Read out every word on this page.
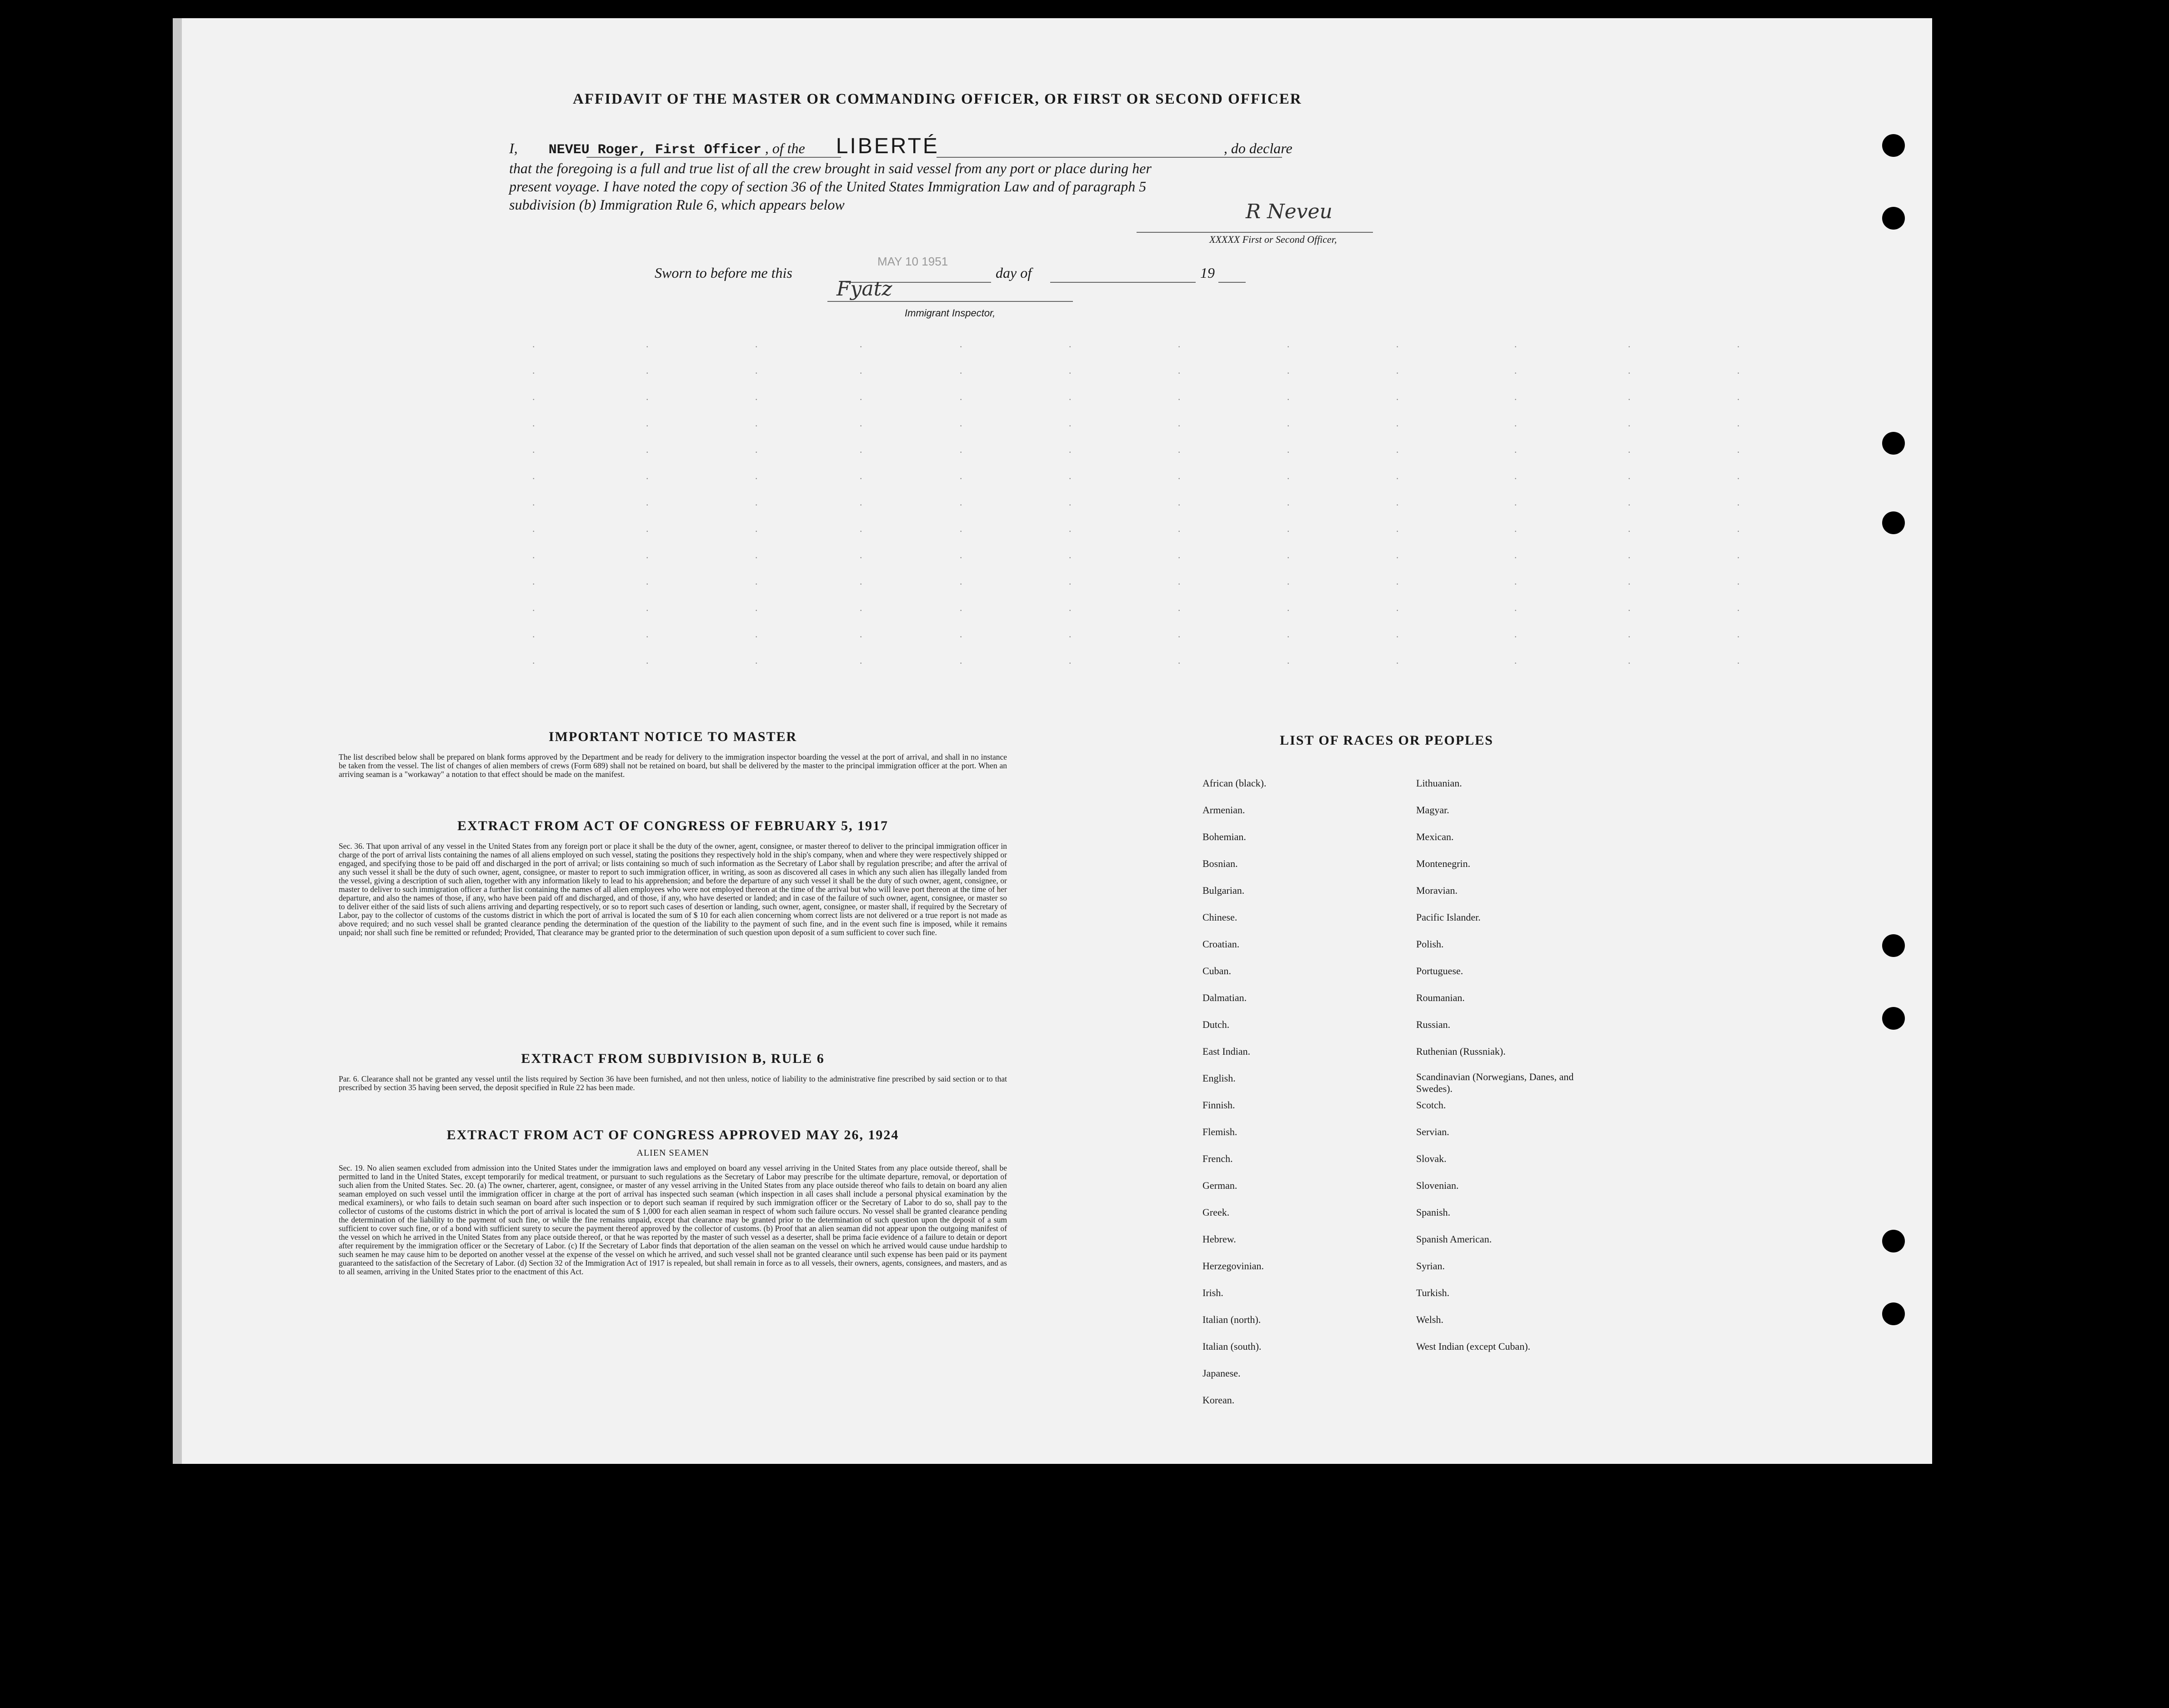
AFFIDAVIT OF THE MASTER OR COMMANDING OFFICER, OR FIRST OR SECOND OFFICER
I, NEVEU Roger, First Officer , of the LIBERTÉ	, do declare
that the foregoing is a full and true list of all the crew brought in said vessel from any port or place during her
present voyage. I have noted the copy of section 36 of the United States Immigration Law and of paragraph 5
subdivision (b) Immigration Rule 6, which appears below	R Neveu
XXXXX First or Second Officer,
Sworn to before me this
MAY 10 1951
day of	19
Fyatz
Immigrant Inspector,
·	·	·	·	·	·	·	·	·	·	·	·
·	·	·	·	·	·	·	·	·	·	·	·
·	·	·	·	·	·	·	·	·	·	·	·
·	·	·	·	·	·	·	·	·	·	·	·
·	·	·	·	·	·	·	·	·	·	·	·
·	·	·	·	·	·	·	·	·	·	·	·
·	·	·	·	·	·	·	·	·	·	·	·
·	·	·	·	·	·	·	·	·	·	·	·
·	·	·	·	·	·	·	·	·	·	·	·
·	·	·	·	·	·	·	·	·	·	·	·
·	·	·	·	·	·	·	·	·	·	·	·
·	·	·	·	·	·	·	·	·	·	·	·
·	·	·	·	·	·	·	·	·	·	·	·
IMPORTANT NOTICE TO MASTER
The list described below shall be prepared on blank forms approved by the Department and be ready for delivery to the immigration inspector boarding the vessel at the port of arrival, and shall in no instance be taken from the vessel. The list of changes of alien members of crews (Form 689) shall not be retained on board, but shall be delivered by the master to the principal immigration officer at the port. When an arriving seaman is a "workaway" a notation to that effect should be made on the manifest.
EXTRACT FROM ACT OF CONGRESS OF FEBRUARY 5, 1917
Sec. 36. That upon arrival of any vessel in the United States from any foreign port or place it shall be the duty of the owner, agent, consignee, or master thereof to deliver to the principal immigration officer in charge of the port of arrival lists containing the names of all aliens employed on such vessel, stating the positions they respectively hold in the ship's company, when and where they were respectively shipped or engaged, and specifying those to be paid off and discharged in the port of arrival; or lists containing so much of such information as the Secretary of Labor shall by regulation prescribe; and after the arrival of any such vessel it shall be the duty of such owner, agent, consignee, or master to report to such immigration officer, in writing, as soon as discovered all cases in which any such alien has illegally landed from the vessel, giving a description of such alien, together with any information likely to lead to his apprehension; and before the departure of any such vessel it shall be the duty of such owner, agent, consignee, or master to deliver to such immigration officer a further list containing the names of all alien employees who were not employed thereon at the time of the arrival but who will leave port thereon at the time of her departure, and also the names of those, if any, who have been paid off and discharged, and of those, if any, who have deserted or landed; and in case of the failure of such owner, agent, consignee, or master so to deliver either of the said lists of such aliens arriving and departing respectively, or so to report such cases of desertion or landing, such owner, agent, consignee, or master shall, if required by the Secretary of Labor, pay to the collector of customs of the customs district in which the port of arrival is located the sum of $ 10 for each alien concerning whom correct lists are not delivered or a true report is not made as above required; and no such vessel shall be granted clearance pending the determination of the question of the liability to the payment of such fine, and in the event such fine is imposed, while it remains unpaid; nor shall such fine be remitted or refunded; Provided, That clearance may be granted prior to the determination of such question upon deposit of a sum sufficient to cover such fine.
EXTRACT FROM SUBDIVISION B, RULE 6
Par. 6. Clearance shall not be granted any vessel until the lists required by Section 36 have been furnished, and not then unless, notice of liability to the administrative fine prescribed by said section or to that prescribed by section 35 having been served, the deposit specified in Rule 22 has been made.
EXTRACT FROM ACT OF CONGRESS APPROVED MAY 26, 1924
ALIEN SEAMEN
Sec. 19. No alien seamen excluded from admission into the United States under the immigration laws and employed on board any vessel arriving in the United States from any place outside thereof, shall be permitted to land in the United States, except temporarily for medical treatment, or pursuant to such regulations as the Secretary of Labor may prescribe for the ultimate departure, removal, or deportation of such alien from the United States. Sec. 20. (a) The owner, charterer, agent, consignee, or master of any vessel arriving in the United States from any place outside thereof who fails to detain on board any alien seaman employed on such vessel until the immigration officer in charge at the port of arrival has inspected such seaman (which inspection in all cases shall include a personal physical examination by the medical examiners), or who fails to detain such seaman on board after such inspection or to deport such seaman if required by such immigration officer or the Secretary of Labor to do so, shall pay to the collector of customs of the customs district in which the port of arrival is located the sum of $ 1,000 for each alien seaman in respect of whom such failure occurs. No vessel shall be granted clearance pending the determination of the liability to the payment of such fine, or while the fine remains unpaid, except that clearance may be granted prior to the determination of such question upon the deposit of a sum sufficient to cover such fine, or of a bond with sufficient surety to secure the payment thereof approved by the collector of customs. (b) Proof that an alien seaman did not appear upon the outgoing manifest of the vessel on which he arrived in the United States from any place outside thereof, or that he was reported by the master of such vessel as a deserter, shall be prima facie evidence of a failure to detain or deport after requirement by the immigration officer or the Secretary of Labor. (c) If the Secretary of Labor finds that deportation of the alien seaman on the vessel on which he arrived would cause undue hardship to such seamen he may cause him to be deported on another vessel at the expense of the vessel on which he arrived, and such vessel shall not be granted clearance until such expense has been paid or its payment guaranteed to the satisfaction of the Secretary of Labor. (d) Section 32 of the Immigration Act of 1917 is repealed, but shall remain in force as to all vessels, their owners, agents, consignees, and masters, and as to all seamen, arriving in the United States prior to the enactment of this Act.
LIST OF RACES OR PEOPLES
African (black).
Armenian.
Bohemian.
Bosnian.
Bulgarian.
Chinese.
Croatian.
Cuban.
Dalmatian.
Dutch.
East Indian.
English.
Finnish.
Flemish.
French.
German.
Greek.
Hebrew.
Herzegovinian.
Irish.
Italian (north).
Italian (south).
Japanese.
Korean.
Lithuanian.
Magyar.
Mexican.
Montenegrin.
Moravian.
Pacific Islander.
Polish.
Portuguese.
Roumanian.
Russian.
Ruthenian (Russniak).
Scandinavian (Norwegians, Danes, and Swedes).
Scotch.
Servian.
Slovak.
Slovenian.
Spanish.
Spanish American.
Syrian.
Turkish.
Welsh.
West Indian (except Cuban).
